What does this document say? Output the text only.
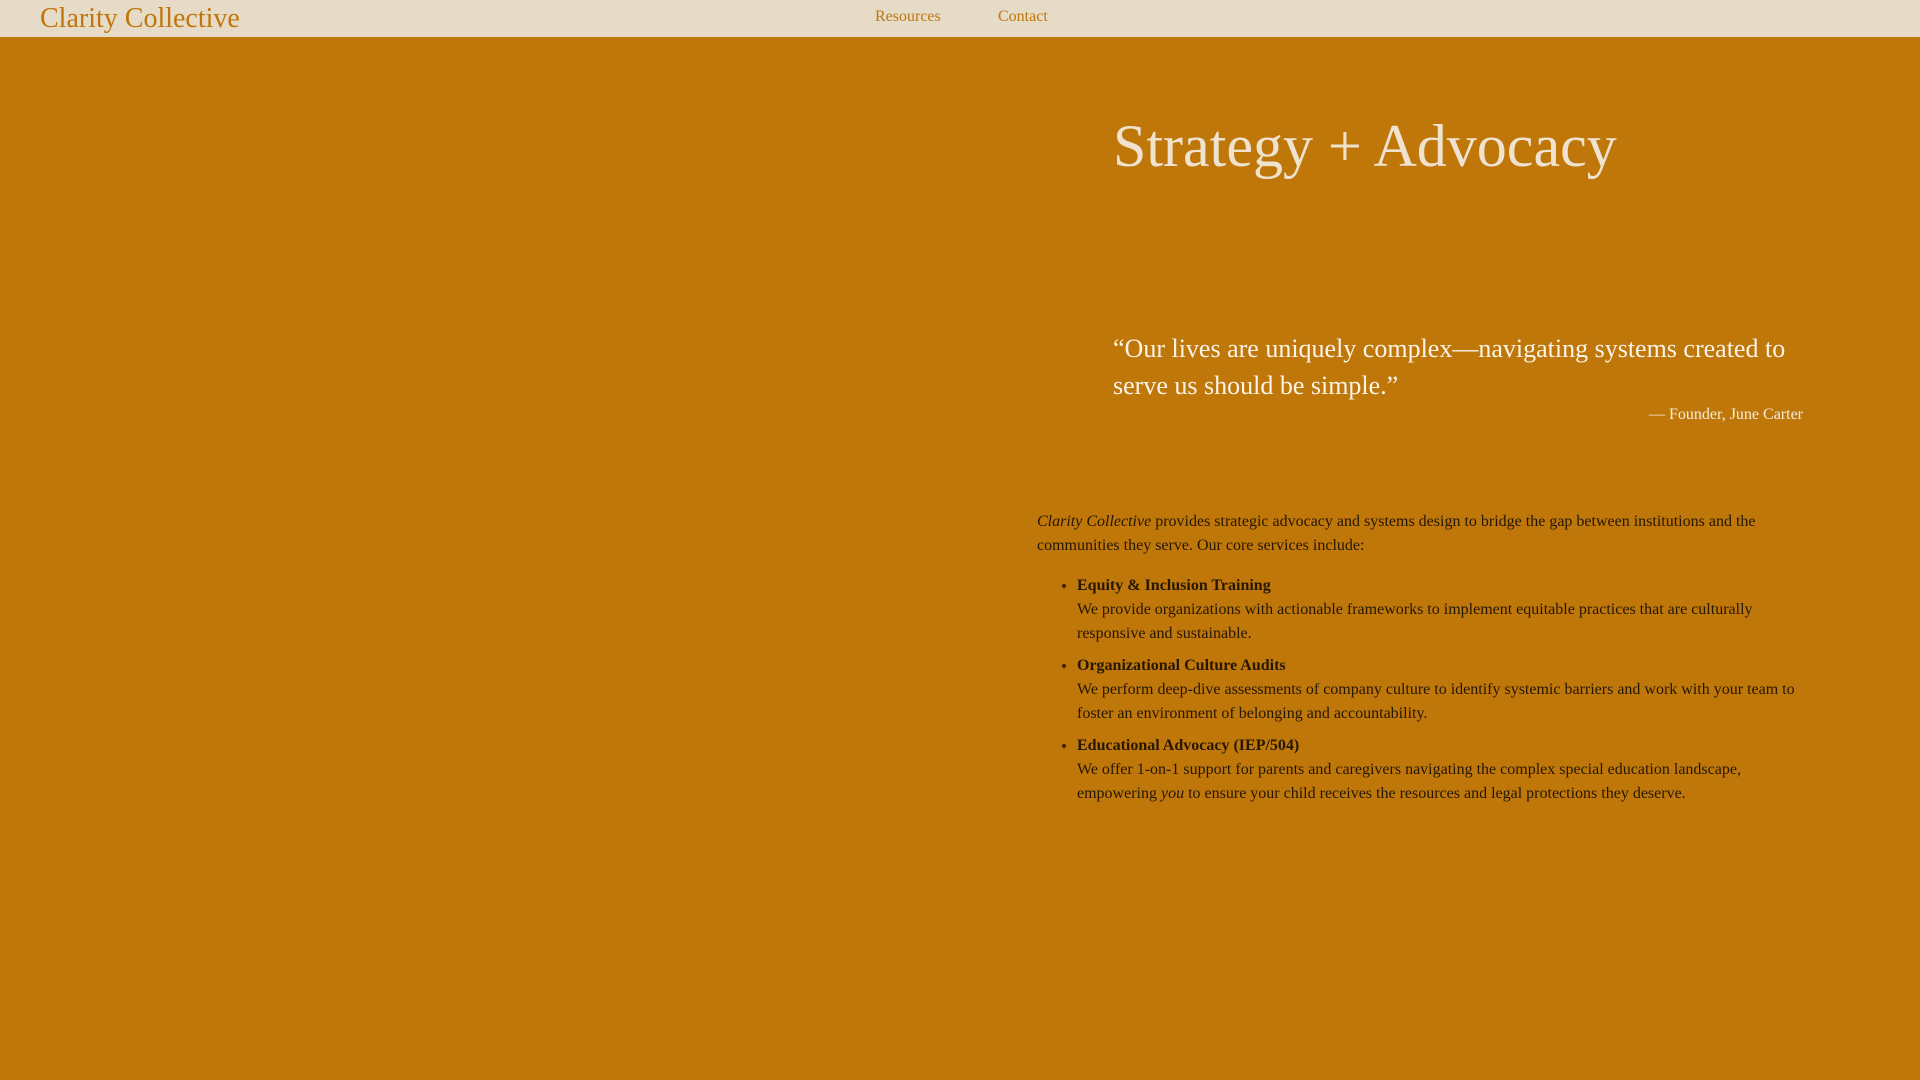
Clarity Collective	Resources	Contact
Strategy + Advocacy

“Our lives are uniquely complex—navigating systems created to serve us should be simple.”

— Founder, June Carter

Clarity Collective provides strategic advocacy and systems design to bridge the gap between institutions and the communities they serve. Our core services include:

• Equity & Inclusion Training
We provide organizations with actionable frameworks to implement equitable practices that are culturally responsive and sustainable.
• Organizational Culture Audits
We perform deep-dive assessments of company culture to identify systemic barriers and work with your team to foster an environment of belonging and accountability.
• Educational Advocacy (IEP/504)
We offer 1-on-1 support for parents and caregivers navigating the complex special education landscape, empowering you to ensure your child receives the resources and legal protections they deserve.
